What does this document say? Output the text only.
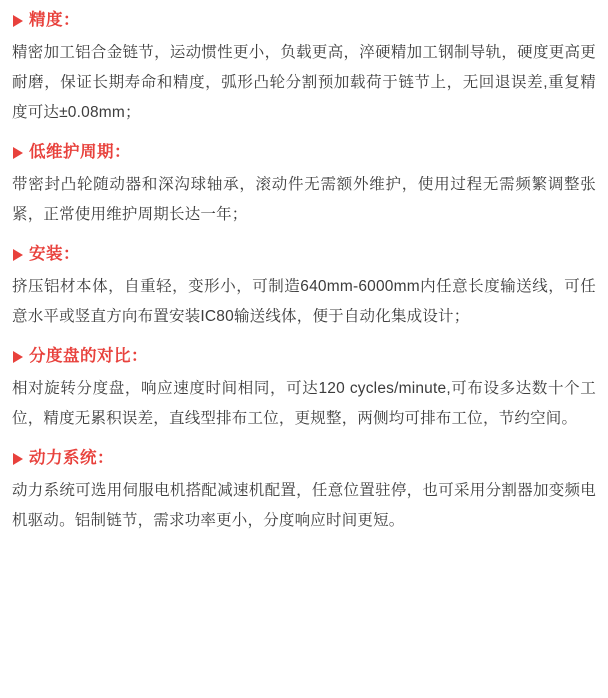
精度：

精密加工铝合金链节，运动惯性更小，负载更高，淬硬精加工钢制导轨，硬度更高更耐磨，保证长期寿命和精度，弧形凸轮分割预加载荷于链节上，无回退误差,重复精度可达±0.08mm；

低维护周期：

带密封凸轮随动器和深沟球轴承，滚动件无需额外维护，使用过程无需频繁调整张紧，正常使用维护周期长达一年；

安装：

挤压铝材本体，自重轻，变形小，可制造640mm-6000mm内任意长度输送线，可任意水平或竖直方向布置安装IC80输送线体，便于自动化集成设计；

分度盘的对比：

相对旋转分度盘，响应速度时间相同，可达120 cycles/minute,可布设多达数十个工位，精度无累积误差，直线型排布工位，更规整，两侧均可排布工位，节约空间。

动力系统：

动力系统可选用伺服电机搭配减速机配置，任意位置驻停，也可采用分割器加变频电机驱动。铝制链节，需求功率更小，分度响应时间更短。
